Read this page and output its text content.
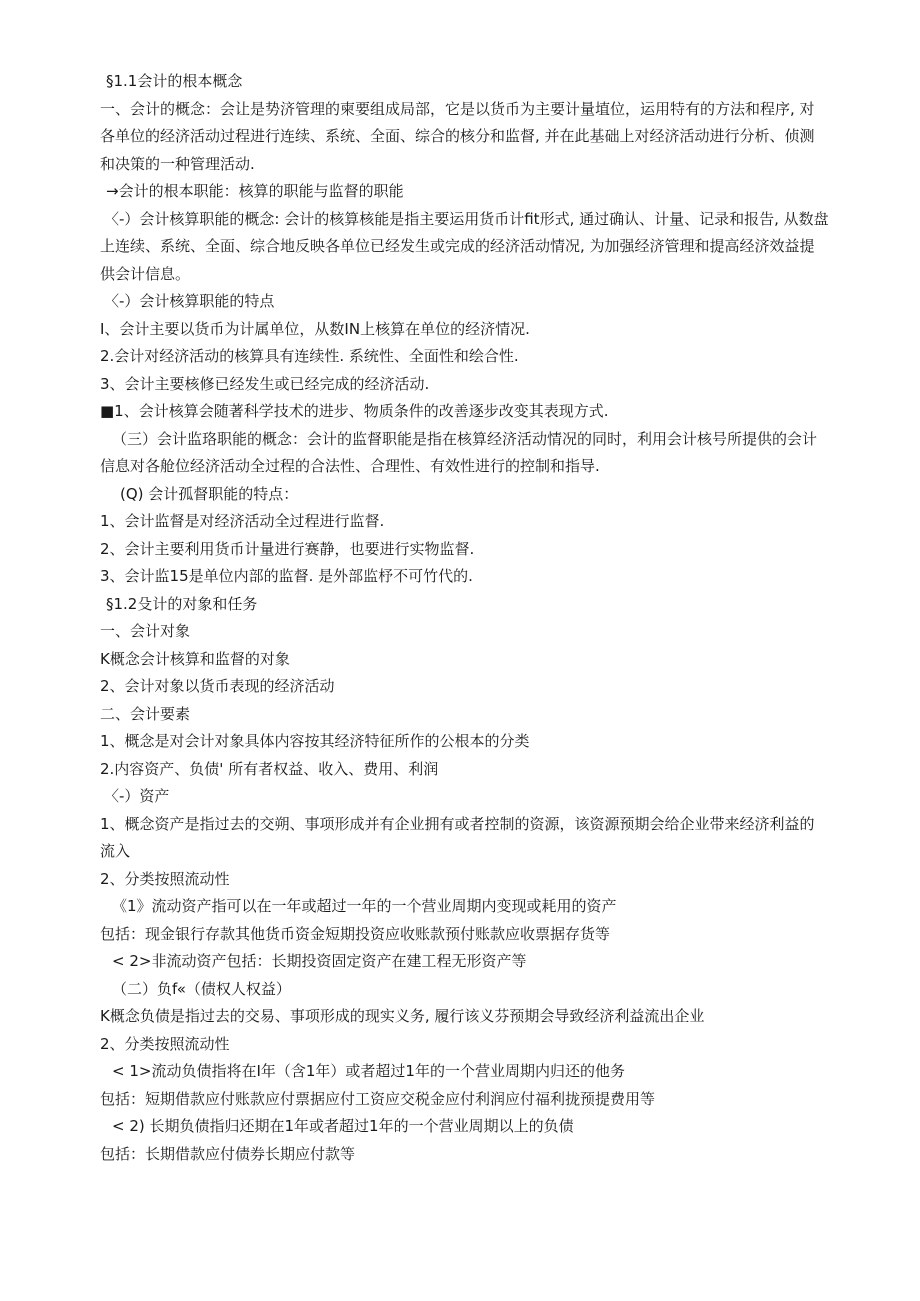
§1.1会计的根本概念
一、会计的概念：会让是势济管理的柬要组成局部，它是以货币为主要计量埴位，运用特有的方法和程序, 对
各单位的经济活动过程进行连续、系统、全面、综合的核分和监督, 并在此基础上对经济活动进行分析、侦测
和决策的一种管理活动.
→会计的根本职能：核算的职能与监督的职能
〈-）会计核算职能的概念: 会计的核算核能是指主要运用货币计fit形式, 通过确认、计量、记录和报告, 从数盘
上连续、系统、全面、综合地反映各单位已经发生或完成的经济活动情况, 为加强经济管理和提高经济效益提
供会计信息。
〈-）会计核算职能的特点
I、会计主要以货币为计属单位，从数IN上核算在单位的经济情况.
2.会计对经济活动的核算具有连续性. 系统性、全面性和绘合性.
3、会计主要核修已经发生或已经完成的经济活动.
■1、会计核算会随著科学技术的进步、物质条件的改善逐步改变其表现方式.
（三）会计监珞职能的概念：会计的监督职能是指在核算经济活动情况的同时，利用会计核号所提供的会计
信息对各舱位经济活动全过程的合法性、合理性、有效性进行的控制和指导.
(Q) 会计孤督职能的特点：
1、会计监督是对经济活动全过程进行监督.
2、会计主要利用货币计量进行赛静，也要进行实物监督.
3、会计监15是单位内部的监督. 是外部监杼不可竹代的.
§1.2殳计的对象和任务
一、会计对象
K概念会计核算和监督的对象
2、会计对象以货币表现的经济活动
二、会计要素
1、概念是对会计对象具体内容按其经济特征所作的公根本的分类
2.内容资产、负债' 所有者权益、收入、费用、利润
〈-）资产
1、概念资产是指过去的交朔、事项形成并有企业拥有或者控制的资源，该资源预期会给企业带来经济利益的
流入
2、分类按照流动性
《1》流动资产指可以在一年或超过一年的一个营业周期内变现或耗用的资产
包括：现金银行存款其他货币资金短期投资应收账款预付账款应收票据存货等
< 2>非流动资产包括：长期投资固定资产在建工程无形资产等
（二）负f«（债权人权益）
K概念负债是指过去的交易、事项形成的现实义务, 履行该义芬预期会导致经济利益流出企业
2、分类按照流动性
< 1>流动负债指将在I年（含1年）或者超过1年的一个营业周期内归还的他务
包括：短期借款应付账款应付票据应付工资应交税金应付利润应付福利拢预提费用等
< 2) 长期负债指归还期在1年或者超过1年的一个营业周期以上的负债
包括：长期借款应付债券长期应付款等
